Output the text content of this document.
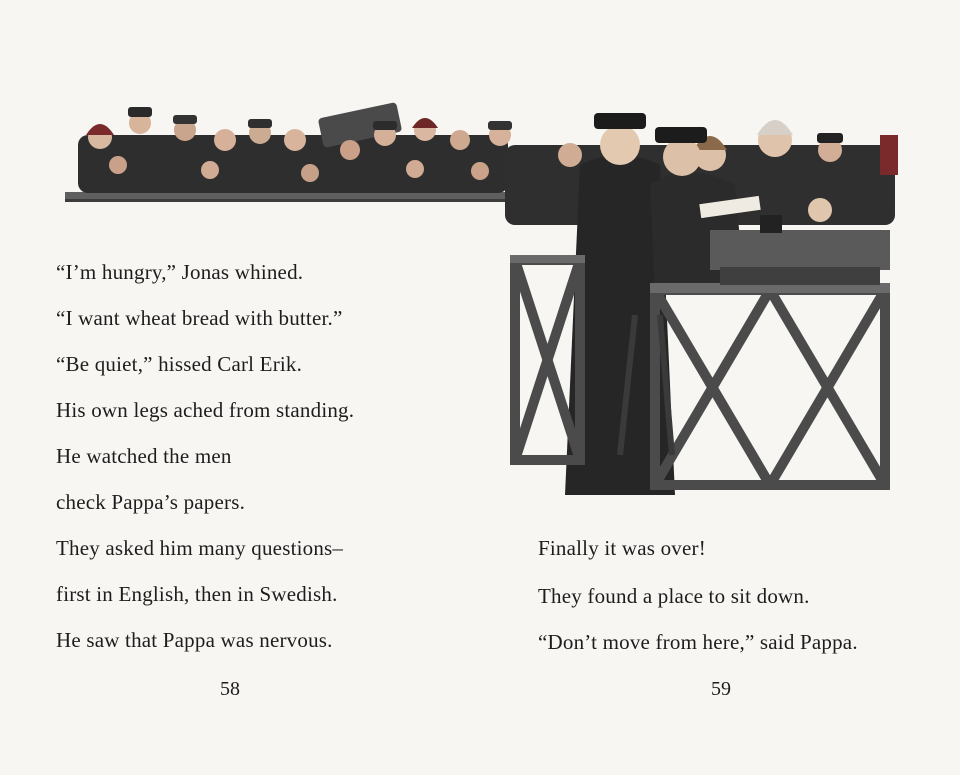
“I’m hungry,” Jonas whined.
“I want wheat bread with butter.”
“Be quiet,” hissed Carl Erik.
His own legs ached from standing.
He watched the men
check Pappa’s papers.
They asked him many questions–
first in English, then in Swedish.
He saw that Pappa was nervous.
58
Finally it was over!
They found a place to sit down.
“Don’t move from here,” said Pappa.
59
